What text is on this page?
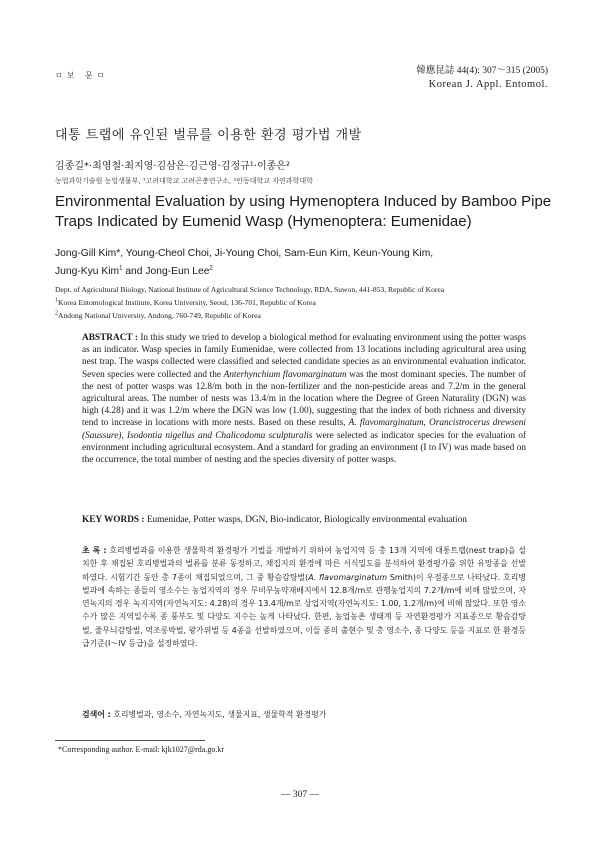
ㅁ보 문ㅁ	韓應昆誌 44(4): 307～315 (2005)
Korean J. Appl. Entomol.
대통 트랩에 유인된 벌류를 이용한 환경 평가법 개발
김종길*·최영철·최지영·김삼은·김근영·김정규¹·이종은²
농업과학기술원 농업생물부, ¹고려대학교 고려곤충연구소, ²안동대학교 자연과학대학
Environmental Evaluation by using Hymenoptera Induced by Bamboo Pipe Traps Indicated by Eumenid Wasp (Hymenoptera: Eumenidae)
Jong-Gill Kim*, Young-Cheol Choi, Ji-Young Choi, Sam-Eun Kim, Keun-Young Kim,
Jung-Kyu Kim$^1$ and Jong-Eun Lee$^2$
Dept. of Agricultural Biology, National Institute of Agricultural Science Technology, RDA, Suwon, 441-853, Republic of Korea
$^1$Korea Entomological Institute, Korea University, Seoul, 136-701, Republic of Korea
$^2$Andong National University, Andong, 760-749, Republic of Korea
ABSTRACT : In this study we tried to develop a biological method for evaluating environment using the potter wasps as an indicator. Wasp species in family Eumenidae, were collected from 13 locations including agricultural area using nest trap. The wasps collected were classified and selected candidate species as an environmental evaluation indicator. Seven species were collected and the Anterhynchium flavomarginatum was the most dominant species. The number of the nest of potter wasps was 12.8/m both in the non-fertilizer and the non-pesticide areas and 7.2/m in the general agricultural areas. The number of nests was 13.4/m in the location where the Degree of Green Naturality (DGN) was high (4.28) and it was 1.2/m where the DGN was low (1.00), suggesting that the index of both richness and diversity tend to increase in locations with more nests. Based on these results, A. flavomarginatum, Orancistrocerus drewseni (Saussure), Isodontia nigellus and Chalicodoma sculpturalis were selected as indicator species for the evaluation of environment including agricultural ecosystem. And a standard for grading an environment (I to IV) was made based on the occurrence, the total number of nesting and the species diversity of potter wasps.
KEY WORDS : Eumenidae, Potter wasps, DGN, Bio-indicator, Biologically environmental evaluation
초 록 : 호리병벌과를 이용한 생물학적 환경평가 기법을 개발하기 위하여 농업지역 등 총 13개 지역에 대통트랩(nest trap)을 설치한 후 채집된 호리병벌과의 벌류를 분류 동정하고, 채집지의 환경에 따른 서식밀도를 분석하여 환경평가를 위한 유망종을 선발하였다. 시험기간 동안 총 7종이 채집되었으며, 그 중 황슴감탕벌(A. flavomarginatum Smith)이 우점종으로 나타났다. 호리병벌과에 속하는 종들의 영소수는 농업지역의 경우 무비무농약재배지에서 12.8개/m로 관행농업지의 7.2개/m에 비해 많았으며, 자연녹지의 경우 녹지지역(자연녹지도: 4.28)의 경우 13.4개/m로 상업지역(자연녹지도: 1.00, 1.2개/m)에 비해 많았다. 또한 영소수가 많은 지역일수록 종 풍부도 및 다양도 지수는 높게 나타났다. 한편, 농업농촌 생태계 등 자연환경평가 지표종으로 황슴감탕벌, 줄무늬감탕벌, 먹조롱박벌, 왕가위벌 등 4종을 선발하였으며, 이들 종의 출현수 및 총 영소수, 종 다양도 등을 지표로 한 환경등급기준(I～IV 등급)을 설정하였다.
검색어 : 호리병벌과, 영소수, 자연녹지도, 생물지표, 생물학적 환경평가
*Corresponding author. E-mail: kjk1027@rda.go.kr
— 307 —
